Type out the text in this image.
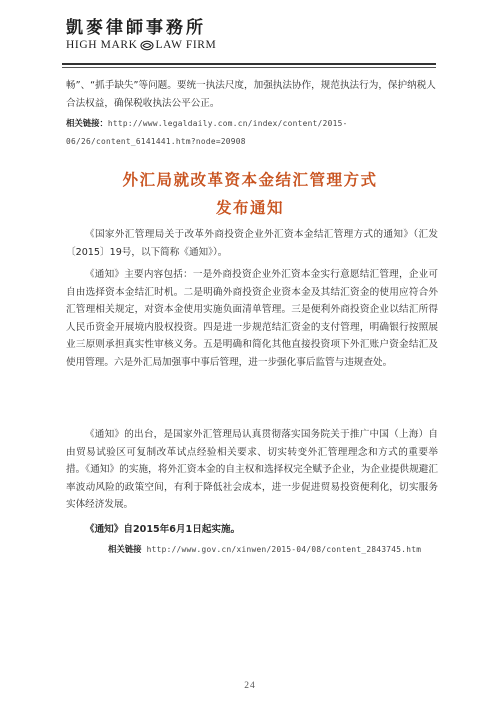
凱麥律師事務所
HIGH MARK LAW FIRM

畅”、“抓手缺失”等问题。要统一执法尺度，加强执法协作，规范执法行为，保护纳税人合法权益，确保税收执法公平公正。

相关链接：http://www.legaldaily.com.cn/index/content/2015-06/26/content_6141441.htm?node=20908
外汇局就改革资本金结汇管理方式
发布通知

《国家外汇管理局关于改革外商投资企业外汇资本金结汇管理方式的通知》（汇发〔2015〕19号，以下简称《通知》）。

《通知》主要内容包括：一是外商投资企业外汇资本金实行意愿结汇管理，企业可自由选择资本金结汇时机。二是明确外商投资企业资本金及其结汇资金的使用应符合外汇管理相关规定，对资本金使用实施负面清单管理。三是便利外商投资企业以结汇所得人民币资金开展境内股权投资。四是进一步规范结汇资金的支付管理，明确银行按照展业三原则承担真实性审核义务。五是明确和简化其他直接投资项下外汇账户资金结汇及使用管理。六是外汇局加强事中事后管理，进一步强化事后监管与违规查处。

《通知》的出台，是国家外汇管理局认真贯彻落实国务院关于推广中国（上海）自由贸易试验区可复制改革试点经验相关要求、切实转变外汇管理理念和方式的重要举措。《通知》的实施，将外汇资本金的自主权和选择权完全赋予企业，为企业提供规避汇率波动风险的政策空间，有利于降低社会成本，进一步促进贸易投资便利化，切实服务实体经济发展。

《通知》自2015年6月1日起实施。

相关链接 http://www.gov.cn/xinwen/2015-04/08/content_2843745.htm
24
